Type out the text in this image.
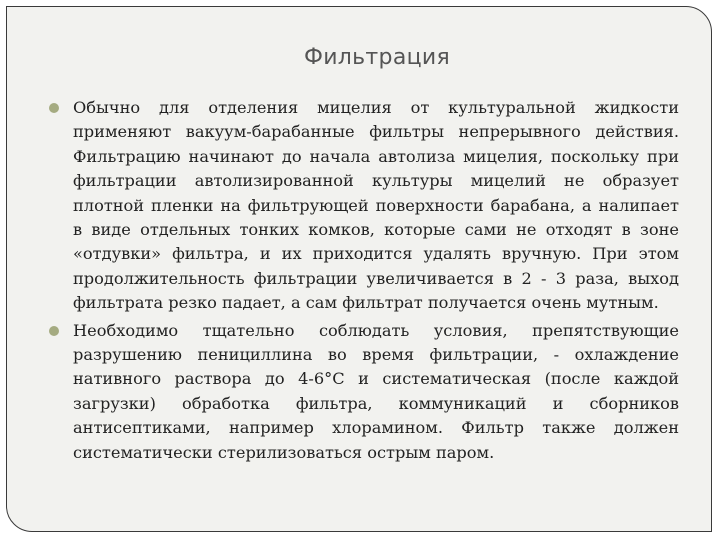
Фильтрация
Обычно для отделения мицелия от культуральной жидкости применяют вакуум-барабанные фильтры непрерывного действия. Фильтрацию начинают до начала автолиза мицелия, поскольку при фильтрации автолизированной культуры мицелий не образует плотной пленки на фильтрующей поверхности барабана, а налипает в виде отдельных тонких комков, которые сами не отходят в зоне «отдувки» фильтра, и их приходится удалять вручную. При этом продолжительность фильтрации увеличивается в 2 - 3 раза, выход фильтрата резко падает, а сам фильтрат получается очень мутным.
Необходимо тщательно соблюдать условия, препятствующие разрушению пенициллина во время фильтрации, - охлаждение нативного раствора до 4-6°С и систематическая (после каждой загрузки) обработка фильтра, коммуникаций и сборников антисептиками, например хлорамином. Фильтр также должен систематически стерилизоваться острым паром.
